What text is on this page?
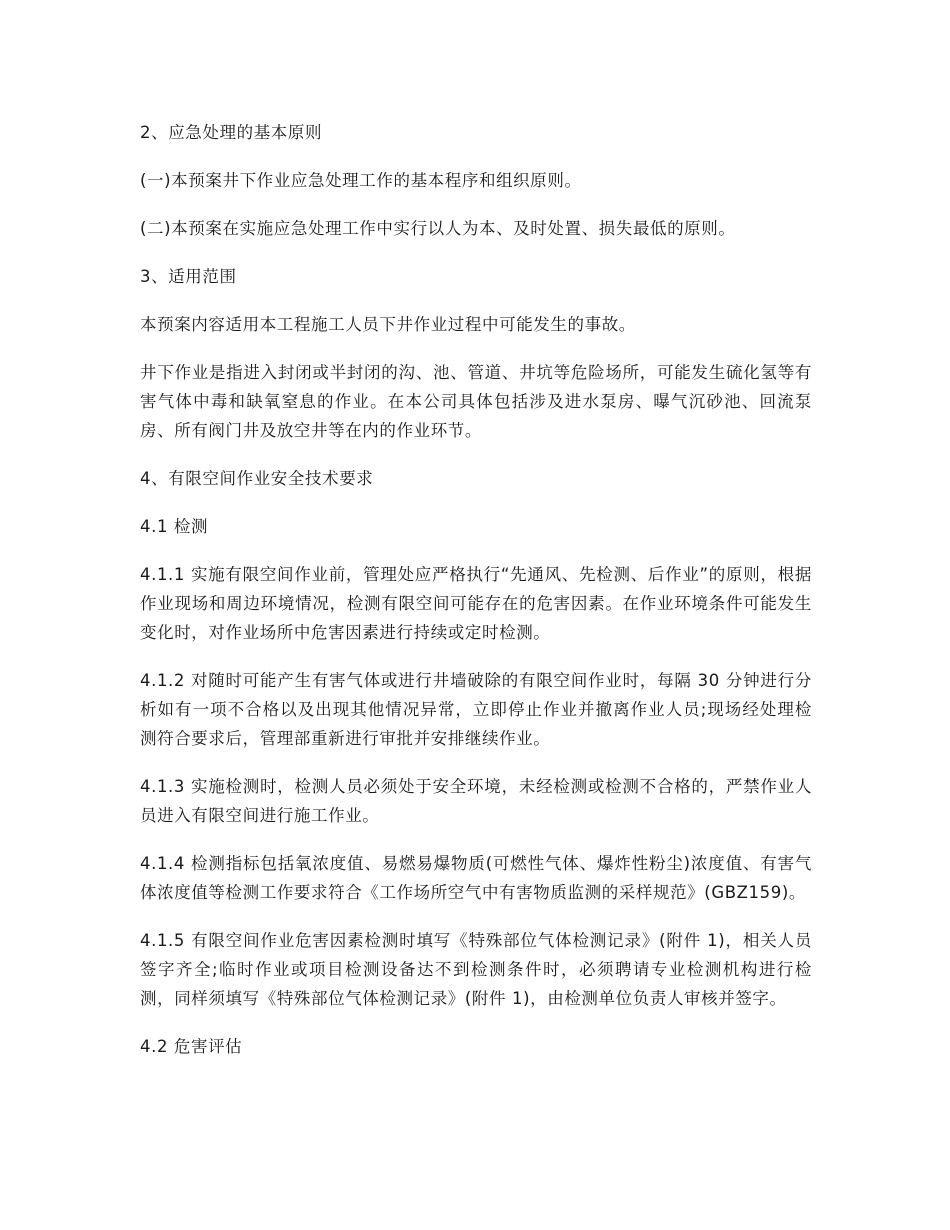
2、应急处理的基本原则

(一)本预案井下作业应急处理工作的基本程序和组织原则。

(二)本预案在实施应急处理工作中实行以人为本、及时处置、损失最低的原则。

3、适用范围

本预案内容适用本工程施工人员下井作业过程中可能发生的事故。

井下作业是指进入封闭或半封闭的沟、池、管道、井坑等危险场所，可能发生硫化氢等有害气体中毒和缺氧窒息的作业。在本公司具体包括涉及进水泵房、曝气沉砂池、回流泵房、所有阀门井及放空井等在内的作业环节。

4、有限空间作业安全技术要求

4.1 检测

4.1.1 实施有限空间作业前，管理处应严格执行“先通风、先检测、后作业”的原则，根据作业现场和周边环境情况，检测有限空间可能存在的危害因素。在作业环境条件可能发生变化时，对作业场所中危害因素进行持续或定时检测。

4.1.2 对随时可能产生有害气体或进行井墙破除的有限空间作业时，每隔 30 分钟进行分析如有一项不合格以及出现其他情况异常，立即停止作业并撤离作业人员;现场经处理检测符合要求后，管理部重新进行审批并安排继续作业。

4.1.3 实施检测时，检测人员必须处于安全环境，未经检测或检测不合格的，严禁作业人员进入有限空间进行施工作业。

4.1.4 检测指标包括氧浓度值、易燃易爆物质(可燃性气体、爆炸性粉尘)浓度值、有害气体浓度值等检测工作要求符合《工作场所空气中有害物质监测的采样规范》(GBZ159)。

4.1.5 有限空间作业危害因素检测时填写《特殊部位气体检测记录》(附件 1)，相关人员签字齐全;临时作业或项目检测设备达不到检测条件时，必须聘请专业检测机构进行检测，同样须填写《特殊部位气体检测记录》(附件 1)，由检测单位负责人审核并签字。

4.2 危害评估
